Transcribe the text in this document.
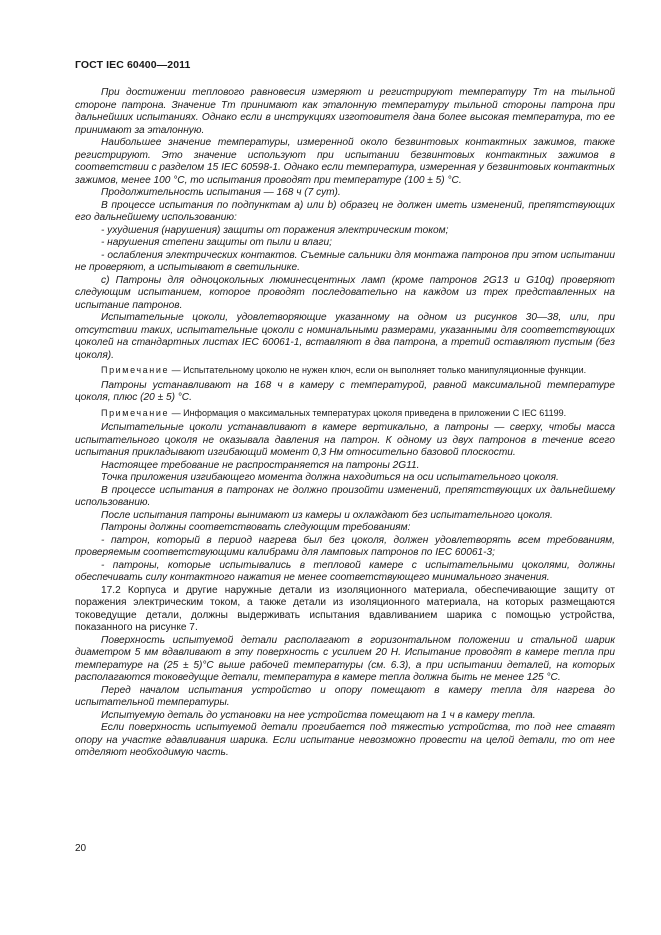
ГОСТ IEC 60400—2011

При достижении теплового равновесия измеряют и регистрируют температуру Tm на тыльной стороне патрона. Значение Tm принимают как эталонную температуру тыльной стороны патрона при дальнейших испытаниях. Однако если в инструкциях изготовителя дана более высокая температура, то ее принимают за эталонную.

Наибольшее значение температуры, измеренной около безвинтовых контактных зажимов, также регистрируют. Это значение используют при испытании безвинтовых контактных зажимов в соответствии с разделом 15 IEC 60598-1. Однако если температура, измеренная у безвинтовых контактных зажимов, менее 100 °C, то испытания проводят при температуре (100 ± 5) °C.

Продолжительность испытания — 168 ч (7 сут).

В процессе испытания по подпунктам a) или b) образец не должен иметь изменений, препятствующих его дальнейшему использованию:

- ухудшения (нарушения) защиты от поражения электрическим током;

- нарушения степени защиты от пыли и влаги;

- ослабления электрических контактов. Съемные сальники для монтажа патронов при этом испытании не проверяют, а испытывают в светильнике.

c) Патроны для одноцокольных люминесцентных ламп (кроме патронов 2G13 и G10q) проверяют следующим испытанием, которое проводят последовательно на каждом из трех представленных на испытание патронов.

Испытательные цоколи, удовлетворяющие указанному на одном из рисунков 30—38, или, при отсутствии таких, испытательные цоколи с номинальными размерами, указанными для соответствующих цоколей на стандартных листах IEC 60061-1, вставляют в два патрона, а третий оставляют пустым (без цоколя).

Примечание — Испытательному цоколю не нужен ключ, если он выполняет только манипуляционные функции.

Патроны устанавливают на 168 ч в камеру с температурой, равной максимальной температуре цоколя, плюс (20 ± 5) °C.

Примечание — Информация о максимальных температурах цоколя приведена в приложении C IEC 61199.

Испытательные цоколи устанавливают в камере вертикально, а патроны — сверху, чтобы масса испытательного цоколя не оказывала давления на патрон. К одному из двух патронов в течение всего испытания прикладывают изгибающий момент 0,3 Нм относительно базовой плоскости.

Настоящее требование не распространяется на патроны 2G11.

Точка приложения изгибающего момента должна находиться на оси испытательного цоколя.

В процессе испытания в патронах не должно произойти изменений, препятствующих их дальнейшему использованию.

После испытания патроны вынимают из камеры и охлаждают без испытательного цоколя.

Патроны должны соответствовать следующим требованиям:

- патрон, который в период нагрева был без цоколя, должен удовлетворять всем требованиям, проверяемым соответствующими калибрами для ламповых патронов по IEC 60061-3;

- патроны, которые испытывались в тепловой камере с испытательными цоколями, должны обеспечивать силу контактного нажатия не менее соответствующего минимального значения.

17.2 Корпуса и другие наружные детали из изоляционного материала, обеспечивающие защиту от поражения электрическим током, а также детали из изоляционного материала, на которых размещаются токоведущие детали, должны выдерживать испытания вдавливанием шарика с помощью устройства, показанного на рисунке 7.

Поверхность испытуемой детали располагают в горизонтальном положении и стальной шарик диаметром 5 мм вдавливают в эту поверхность с усилием 20 Н. Испытание проводят в камере тепла при температуре на (25 ± 5)°C выше рабочей температуры (см. 6.3), а при испытании деталей, на которых располагаются токоведущие детали, температура в камере тепла должна быть не менее 125 °C.

Перед началом испытания устройство и опору помещают в камеру тепла для нагрева до испытательной температуры.

Испытуемую деталь до установки на нее устройства помещают на 1 ч в камеру тепла.

Если поверхность испытуемой детали прогибается под тяжестью устройства, то под нее ставят опору на участке вдавливания шарика. Если испытание невозможно провести на целой детали, то от нее отделяют необходимую часть.

20
